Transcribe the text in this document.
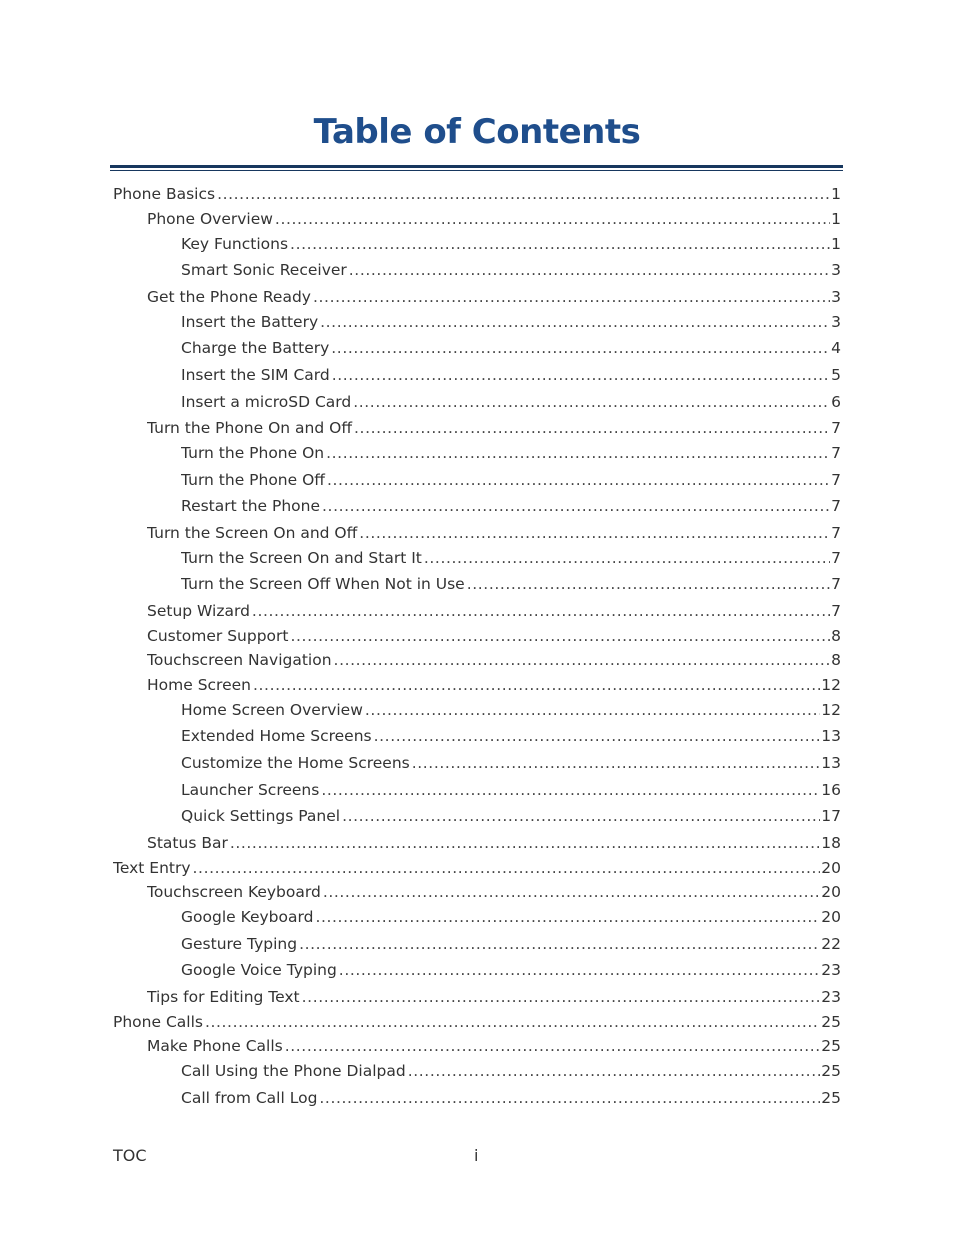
Table of Contents
Phone Basics .....	1
Phone Overview .....	1
Key Functions .....	1
Smart Sonic Receiver .....	3
Get the Phone Ready .....	3
Insert the Battery .....	3
Charge the Battery .....	4
Insert the SIM Card .....	5
Insert a microSD Card .....	6
Turn the Phone On and Off .....	7
Turn the Phone On .....	7
Turn the Phone Off .....	7
Restart the Phone .....	7
Turn the Screen On and Off .....	7
Turn the Screen On and Start It .....	7
Turn the Screen Off When Not in Use .....	7
Setup Wizard .....	7
Customer Support .....	8
Touchscreen Navigation .....	8
Home Screen .....	12
Home Screen Overview .....	12
Extended Home Screens .....	13
Customize the Home Screens .....	13
Launcher Screens .....	16
Quick Settings Panel .....	17
Status Bar .....	18
Text Entry .....	20
Touchscreen Keyboard .....	20
Google Keyboard .....	20
Gesture Typing .....	22
Google Voice Typing .....	23
Tips for Editing Text .....	23
Phone Calls .....	25
Make Phone Calls .....	25
Call Using the Phone Dialpad .....	25
Call from Call Log .....	25
TOC	i
